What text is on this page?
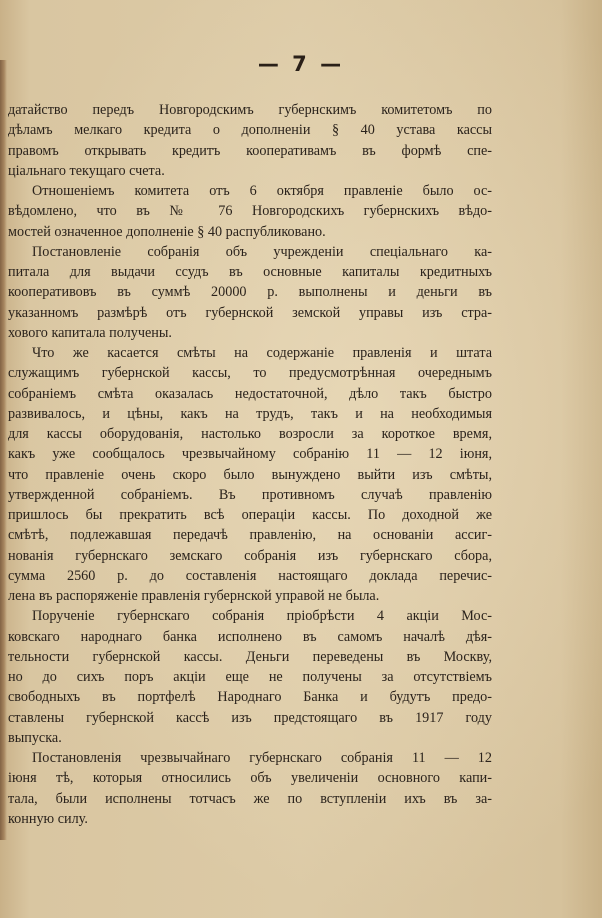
— 7 —
датайство передъ Новгородскимъ губернскимъ комитетомъ по
дѣламъ мелкаго кредита о дополненіи § 40 устава кассы
правомъ открывать кредитъ кооперативамъ въ формѣ спе-
ціальнаго текущаго счета.
Отношеніемъ комитета отъ 6 октября правленіе было ос-
вѣдомлено, что въ № 76 Новгородскихъ губернскихъ вѣдо-
мостей означенное дополненіе § 40 распубликовано.
Постановленіе собранія объ учрежденіи спеціальнаго ка-
питала для выдачи ссудъ въ основные капиталы кредитныхъ
кооперативовъ въ суммѣ 20000 р. выполнены и деньги въ
указанномъ размѣрѣ отъ губернской земской управы изъ стра-
хового капитала получены.
Что же касается смѣты на содержаніе правленія и штата
служащимъ губернской кассы, то предусмотрѣнная очереднымъ
собраніемъ смѣта оказалась недостаточной, дѣло такъ быстро
развивалось, и цѣны, какъ на трудъ, такъ и на необходимыя
для кассы оборудованія, настолько возросли за короткое время,
какъ уже сообщалось чрезвычайному собранію 11 — 12 іюня,
что правленіе очень скоро было вынуждено выйти изъ смѣты,
утвержденной собраніемъ. Въ противномъ случаѣ правленію
пришлось бы прекратить всѣ операціи кассы. По доходной же
смѣтѣ, подлежавшая передачѣ правленію, на основаніи ассиг-
нованія губернскаго земскаго собранія изъ губернскаго сбора,
сумма 2560 р. до составленія настоящаго доклада перечис-
лена въ распоряженіе правленія губернской управой не была.
Порученіе губернскаго собранія пріобрѣсти 4 акціи Мос-
ковскаго народнаго банка исполнено въ самомъ началѣ дѣя-
тельности губернской кассы. Деньги переведены въ Москву,
но до сихъ поръ акціи еще не получены за отсутствіемъ
свободныхъ въ портфелѣ Народнаго Банка и будутъ предо-
ставлены губернской кассѣ изъ предстоящаго въ 1917 году
выпуска.
Постановленія чрезвычайнаго губернскаго собранія 11 — 12
іюня тѣ, которыя относились объ увеличеніи основного капи-
тала, были исполнены тотчасъ же по вступленіи ихъ въ за-
конную силу.
